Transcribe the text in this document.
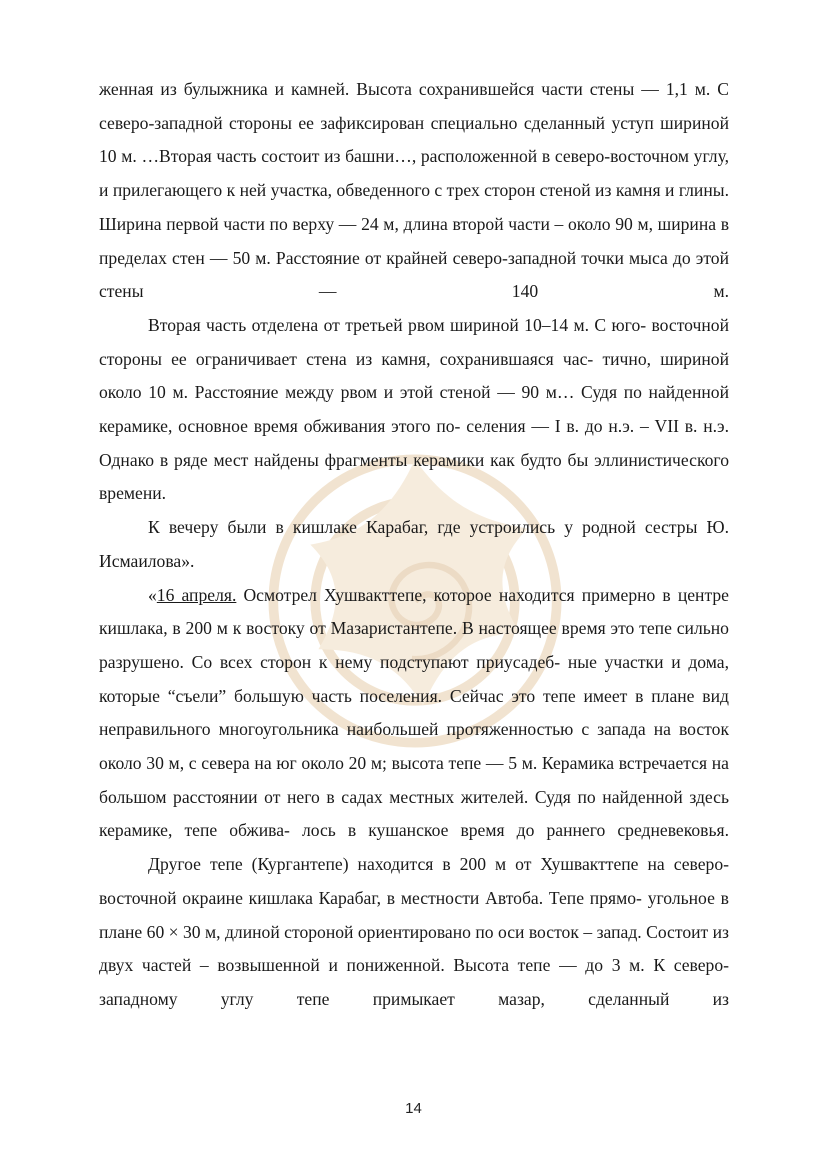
женная из булыжника и камней. Высота сохранившейся части стены — 1,1 м. С северо-западной стороны ее зафиксирован специально сделанный уступ шириной 10 м. …Вторая часть состоит из башни…, расположенной в северо-восточном углу, и прилегающего к ней участка, обведенного с трех сторон стеной из камня и глины. Ширина первой части по верху — 24 м, длина второй части – около 90 м, ширина в пределах стен — 50 м. Расстояние от крайней северо-западной точки мыса до этой стены —	140 м.

Вторая часть отделена от третьей рвом шириной 10–14 м. С юго- восточной стороны ее ограничивает стена из камня, сохранившаяся час- тично, шириной около 10 м. Расстояние между рвом и этой стеной — 90 м… Судя по найденной керамике, основное время обживания этого по- селения — I в. до н.э. – VII в. н.э. Однако в ряде мест найдены фрагменты керамики как будто бы эллинистического времени.

К вечеру были в кишлаке Карабаг, где устроились у родной сестры Ю. Исмаилова».

«16 апреля. Осмотрел Хушвакттепе, которое находится примерно в центре кишлака, в 200 м к востоку от Мазаристантепе. В настоящее время это тепе сильно разрушено. Со всех сторон к нему подступают приусадеб- ные участки и дома, которые “съели” большую часть поселения. Сейчас это тепе имеет в плане вид неправильного многоугольника наибольшей протяженностью с запада на восток около 30 м, с севера на юг около 20 м; высота тепе — 5 м. Керамика встречается на большом расстоянии от него в садах местных жителей. Судя по найденной здесь керамике, тепе обжива- лось в кушанское время до раннего средневековья.

Другое тепе (Кургантепе) находится в 200 м от Хушвакттепе на северо- восточной окраине кишлака Карабаг, в местности Автоба. Тепе прямо- угольное в плане 60 × 30 м, длиной стороной ориентировано по оси восток – запад. Состоит из двух частей – возвышенной и пониженной. Высота тепе — до 3 м. К северо-западному углу тепе примыкает мазар, сделанный из

14
